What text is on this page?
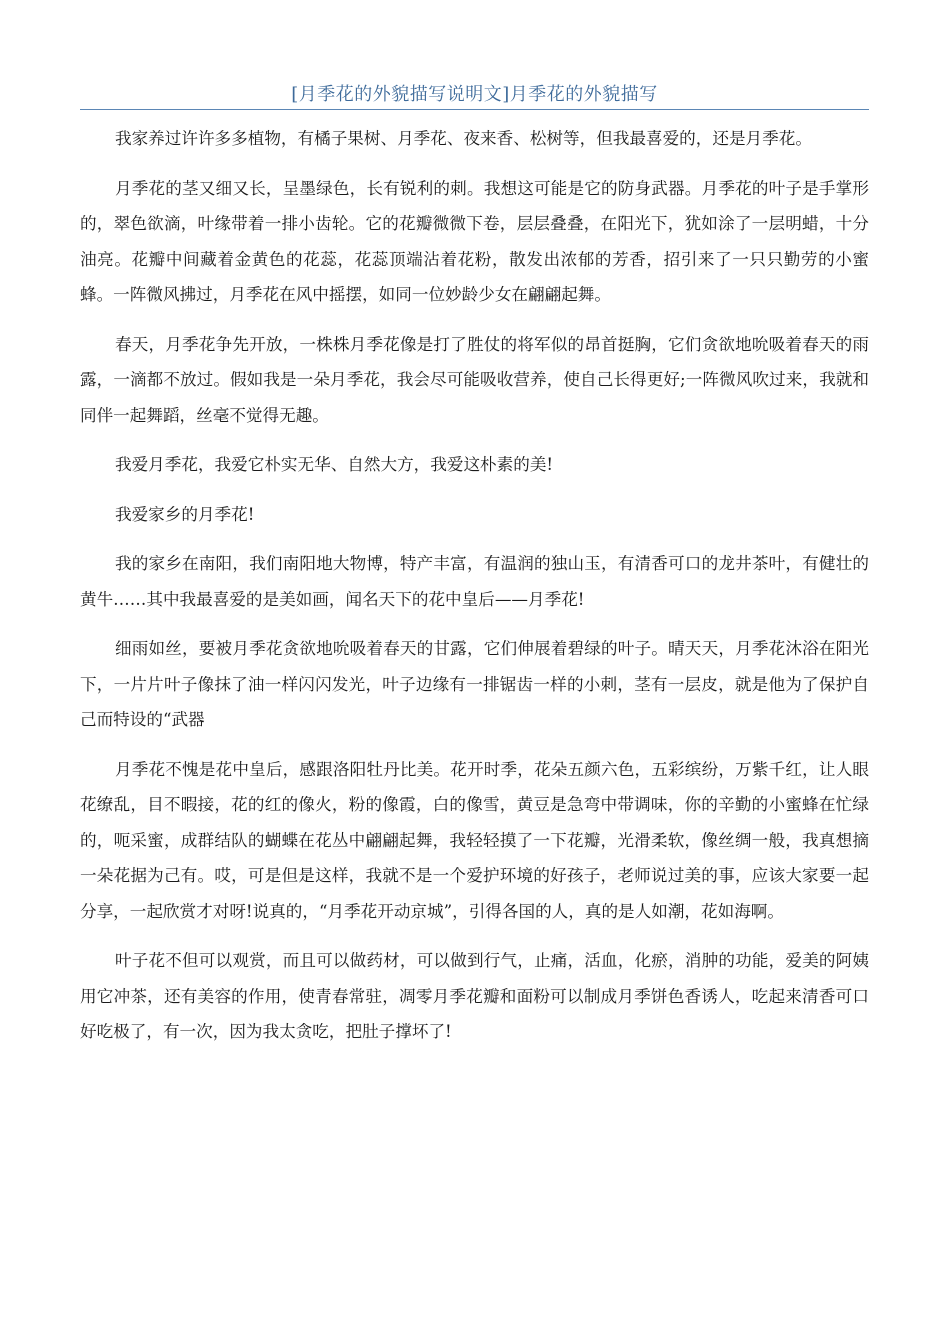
[月季花的外貌描写说明文]月季花的外貌描写

我家养过许许多多植物，有橘子果树、月季花、夜来香、松树等，但我最喜爱的，还是月季花。

月季花的茎又细又长，呈墨绿色，长有锐利的刺。我想这可能是它的防身武器。月季花的叶子是手掌形的，翠色欲滴，叶缘带着一排小齿轮。它的花瓣微微下卷，层层叠叠，在阳光下，犹如涂了一层明蜡，十分油亮。花瓣中间藏着金黄色的花蕊，花蕊顶端沾着花粉，散发出浓郁的芳香，招引来了一只只勤劳的小蜜蜂。一阵微风拂过，月季花在风中摇摆，如同一位妙龄少女在翩翩起舞。

春天，月季花争先开放，一株株月季花像是打了胜仗的将军似的昂首挺胸，它们贪欲地吮吸着春天的雨露，一滴都不放过。假如我是一朵月季花，我会尽可能吸收营养，使自己长得更好;一阵微风吹过来，我就和同伴一起舞蹈，丝毫不觉得无趣。

我爱月季花，我爱它朴实无华、自然大方，我爱这朴素的美!

我爱家乡的月季花!

我的家乡在南阳，我们南阳地大物博，特产丰富，有温润的独山玉，有清香可口的龙井茶叶，有健壮的黄牛……其中我最喜爱的是美如画，闻名天下的花中皇后——月季花!

细雨如丝，要被月季花贪欲地吮吸着春天的甘露，它们伸展着碧绿的叶子。晴天天，月季花沐浴在阳光下，一片片叶子像抹了油一样闪闪发光，叶子边缘有一排锯齿一样的小刺，茎有一层皮，就是他为了保护自己而特设的“武器

月季花不愧是花中皇后，感跟洛阳牡丹比美。花开时季，花朵五颜六色，五彩缤纷，万紫千红，让人眼花缭乱，目不暇接，花的红的像火，粉的像霞，白的像雪，黄豆是急弯中带调味，你的辛勤的小蜜蜂在忙绿的，呃采蜜，成群结队的蝴蝶在花丛中翩翩起舞，我轻轻摸了一下花瓣，光滑柔软，像丝绸一般，我真想摘一朵花据为己有。哎，可是但是这样，我就不是一个爱护环境的好孩子，老师说过美的事，应该大家要一起分享，一起欣赏才对呀!说真的，“月季花开动京城”，引得各国的人，真的是人如潮，花如海啊。

叶子花不但可以观赏，而且可以做药材，可以做到行气，止痛，活血，化瘀，消肿的功能，爱美的阿姨用它冲茶，还有美容的作用，使青春常驻，凋零月季花瓣和面粉可以制成月季饼色香诱人，吃起来清香可口好吃极了，有一次，因为我太贪吃，把肚子撑坏了!
